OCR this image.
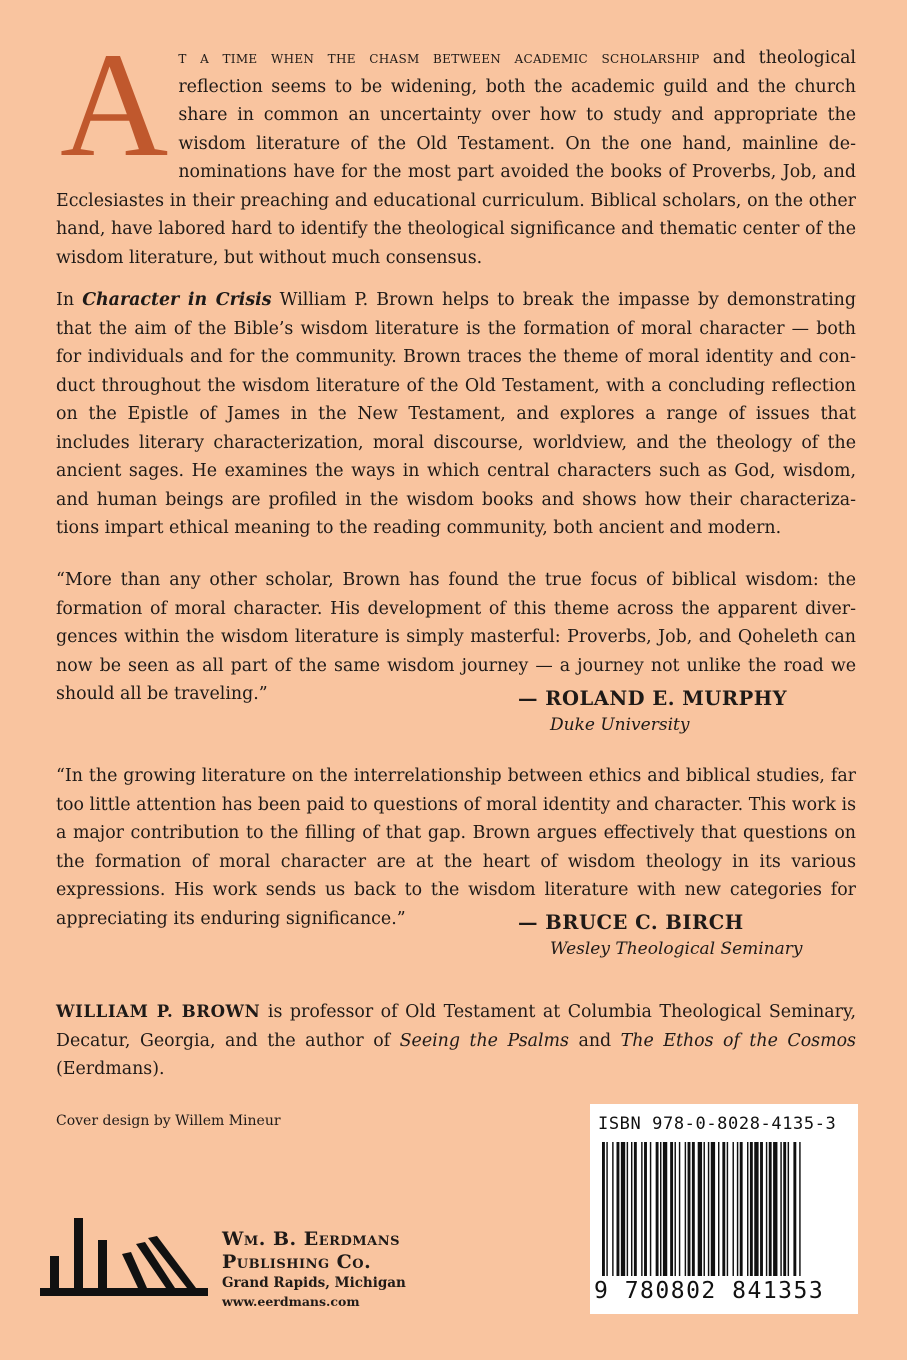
At a time when the chasm between academic scholarship and theological reflection seems to be widening, both the academic guild and the church share in common an uncertainty over how to study and appropriate the wisdom literature of the Old Testament. On the one hand, mainline denominations have for the most part avoided the books of Proverbs, Job, and Ecclesiastes in their preaching and educational curriculum. Biblical scholars, on the other hand, have labored hard to identify the theological significance and thematic center of the wisdom literature, but without much consensus.

In Character in Crisis William P. Brown helps to break the impasse by demonstrating that the aim of the Bible’s wisdom literature is the formation of moral character — both for individuals and for the community. Brown traces the theme of moral identity and conduct throughout the wisdom literature of the Old Testament, with a concluding reflection on the Epistle of James in the New Testament, and explores a range of issues that includes literary characterization, moral discourse, worldview, and the theology of the ancient sages. He examines the ways in which central characters such as God, wisdom, and human beings are profiled in the wisdom books and shows how their characterizations impart ethical meaning to the reading community, both ancient and modern.

“More than any other scholar, Brown has found the true focus of biblical wisdom: the formation of moral character. His development of this theme across the apparent divergences within the wisdom literature is simply masterful: Proverbs, Job, and Qoheleth can now be seen as all part of the same wisdom journey — a journey not unlike the road we should all be traveling.”	— ROLAND E. MURPHY
Duke University

“In the growing literature on the interrelationship between ethics and biblical studies, far too little attention has been paid to questions of moral identity and character. This work is a major contribution to the filling of that gap. Brown argues effectively that questions on the formation of moral character are at the heart of wisdom theology in its various expressions. His work sends us back to the wisdom literature with new categories for appreciating its enduring significance.”	— BRUCE C. BIRCH
Wesley Theological Seminary

WILLIAM P. BROWN is professor of Old Testament at Columbia Theological Seminary, Decatur, Georgia, and the author of Seeing the Psalms and The Ethos of the Cosmos (Eerdmans).

Cover design by Willem Mineur	ISBN 978-0-8028-4135-3
9 780802 841353
Wm. B. Eerdmans
Publishing Co.
Grand Rapids, Michigan
www.eerdmans.com
